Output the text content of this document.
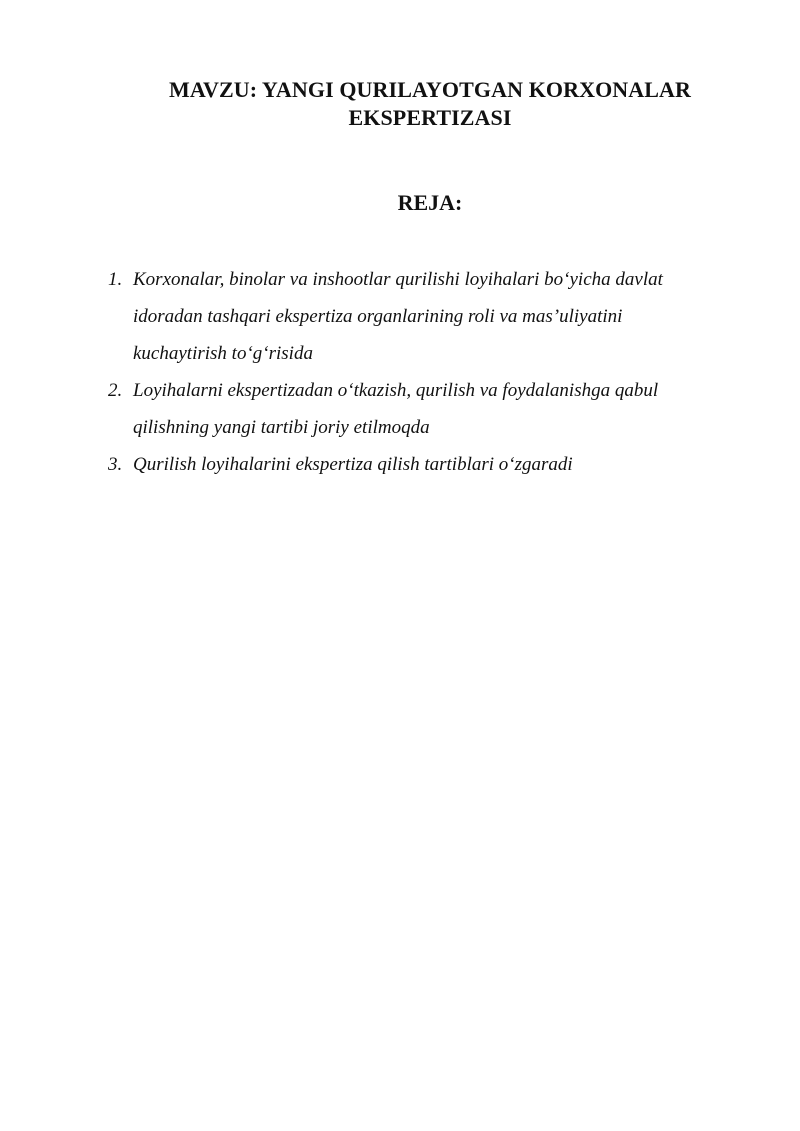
MAVZU: YANGI QURILAYOTGAN KORXONALAR
EKSPERTIZASI
REJA:
1. Korxonalar, binolar va inshootlar qurilishi loyihalari bo‘yicha davlat
idoradan tashqari ekspertiza organlarining roli va mas’uliyatini
kuchaytirish to‘g‘risida
2. Loyihalarni ekspertizadan o‘tkazish, qurilish va foydalanishga qabul
qilishning yangi tartibi joriy etilmoqda
3. Qurilish loyihalarini ekspertiza qilish tartiblari o‘zgaradi
